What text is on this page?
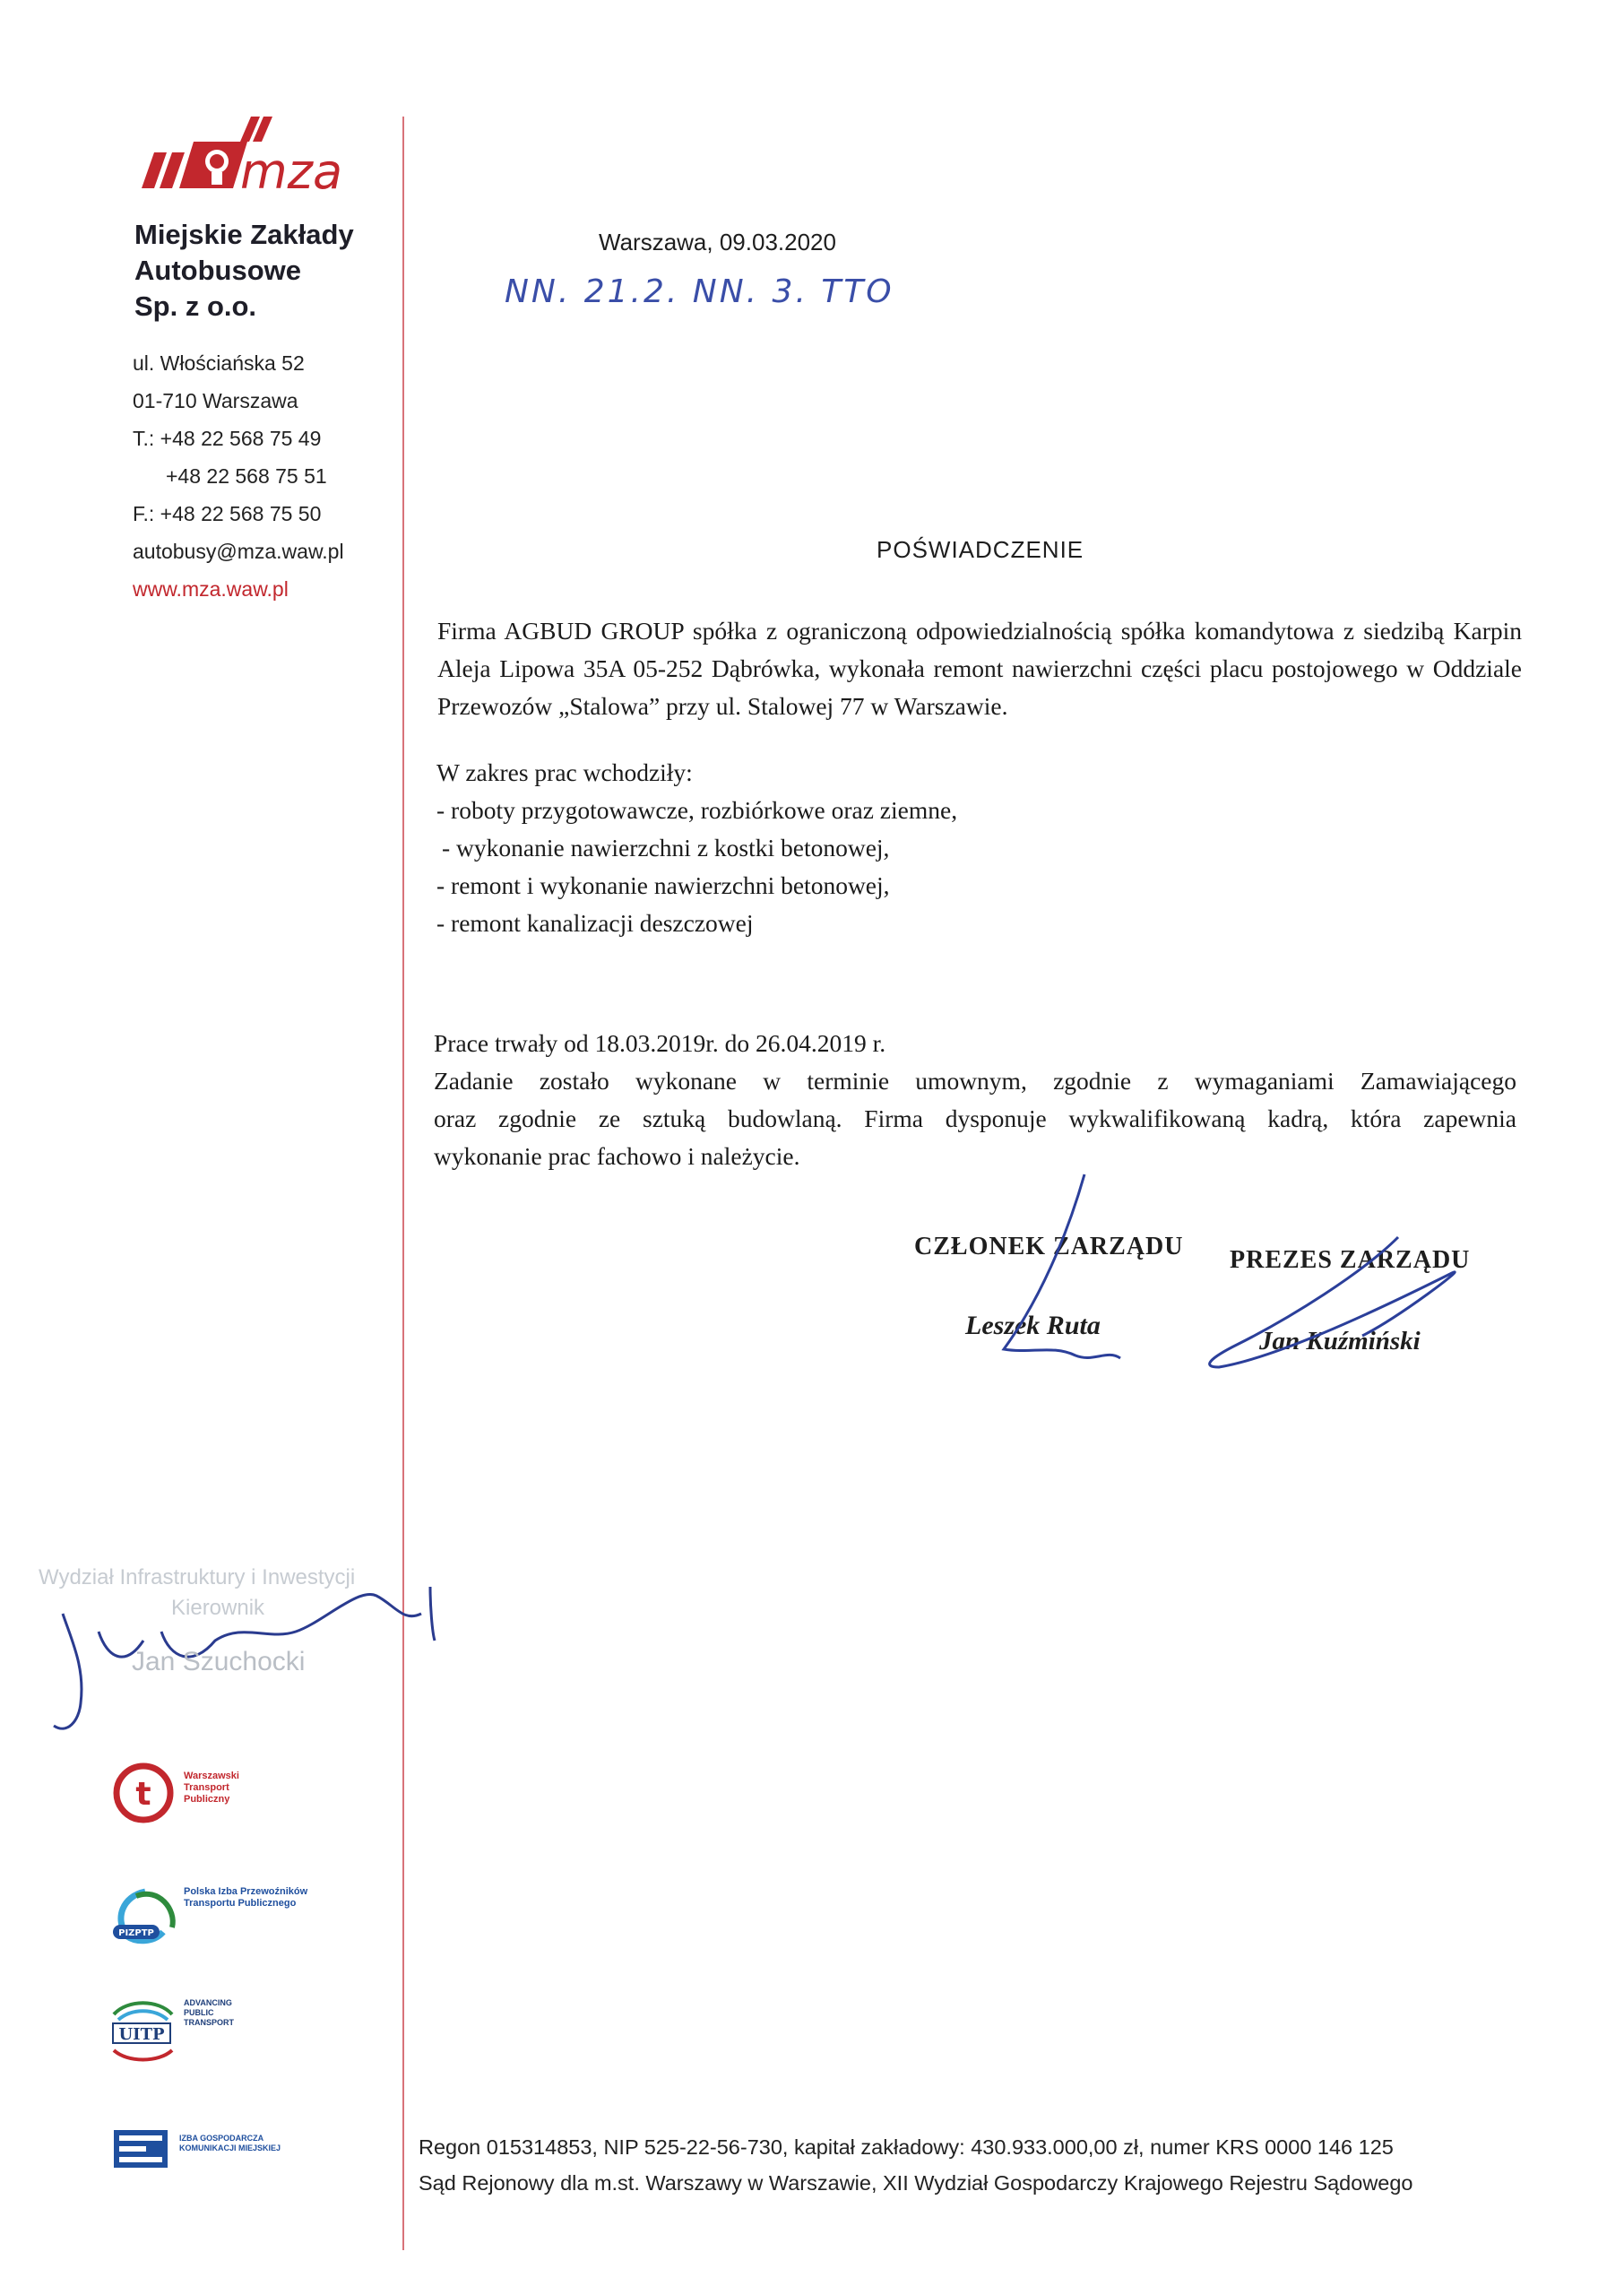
mza
Miejskie Zakłady
Autobusowe
Sp. z o.o.
ul. Włościańska 52
01-710 Warszawa
T.: +48 22 568 75 49
+48 22 568 75 51
F.: +48 22 568 75 50
autobusy@mza.waw.pl
www.mza.waw.pl
Warszawa, 09.03.2020
NN. 21.2. NN. 3. TTO
POŚWIADCZENIE
Firma AGBUD GROUP spółka z ograniczoną odpowiedzialnością spółka komandytowa z siedzibą Karpin Aleja Lipowa 35A 05-252 Dąbrówka, wykonała remont nawierzchni części placu postojowego w Oddziale Przewozów „Stalowa” przy ul. Stalowej 77 w Warszawie.
W zakres prac wchodziły:
- roboty przygotowawcze, rozbiórkowe oraz ziemne,
- wykonanie nawierzchni z kostki betonowej,
- remont i wykonanie nawierzchni betonowej,
- remont kanalizacji deszczowej
Prace trwały od 18.03.2019r. do 26.04.2019 r.
Zadanie zostało wykonane w terminie umownym, zgodnie z wymaganiami Zamawiającego
oraz zgodnie ze sztuką budowlaną. Firma dysponuje wykwalifikowaną kadrą, która zapewnia
wykonanie prac fachowo i należycie.
CZŁONEK ZARZĄDU
Leszek Ruta
PREZES ZARZĄDU
Jan Kuźmiński
Wydział Infrastruktury i Inwestycji
Kierownik
Jan Szuchocki
t	Warszawski
Transport
Publiczny
PIZPTP
Polska Izba Przewoźników
Transportu Publicznego
UITP
ADVANCING
PUBLIC
TRANSPORT
IZBA GOSPODARCZA
KOMUNIKACJI MIEJSKIEJ	Regon 015314853, NIP 525-22-56-730, kapitał zakładowy: 430.933.000,00 zł, numer KRS 0000 146 125
Sąd Rejonowy dla m.st. Warszawy w Warszawie, XII Wydział Gospodarczy Krajowego Rejestru Sądowego
